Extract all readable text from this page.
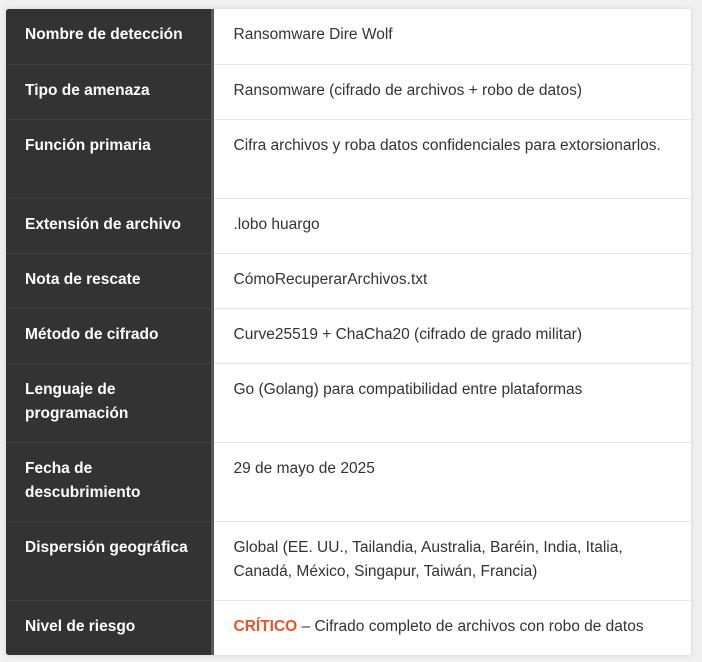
Nombre de detección	Ransomware Dire Wolf
Tipo de amenaza	Ransomware (cifrado de archivos + robo de datos)
Función primaria	Cifra archivos y roba datos confidenciales para extorsionarlos.
Extensión de archivo	.lobo huargo
Nota de rescate	CómoRecuperarArchivos.txt
Método de cifrado	Curve25519 + ChaCha20 (cifrado de grado militar)
Lenguaje de programación	Go (Golang) para compatibilidad entre plataformas
Fecha de descubrimiento	29 de mayo de 2025
Dispersión geográfica	Global (EE. UU., Tailandia, Australia, Baréin, India, Italia, Canadá, México, Singapur, Taiwán, Francia)
Nivel de riesgo	CRÍTICO – Cifrado completo de archivos con robo de datos
